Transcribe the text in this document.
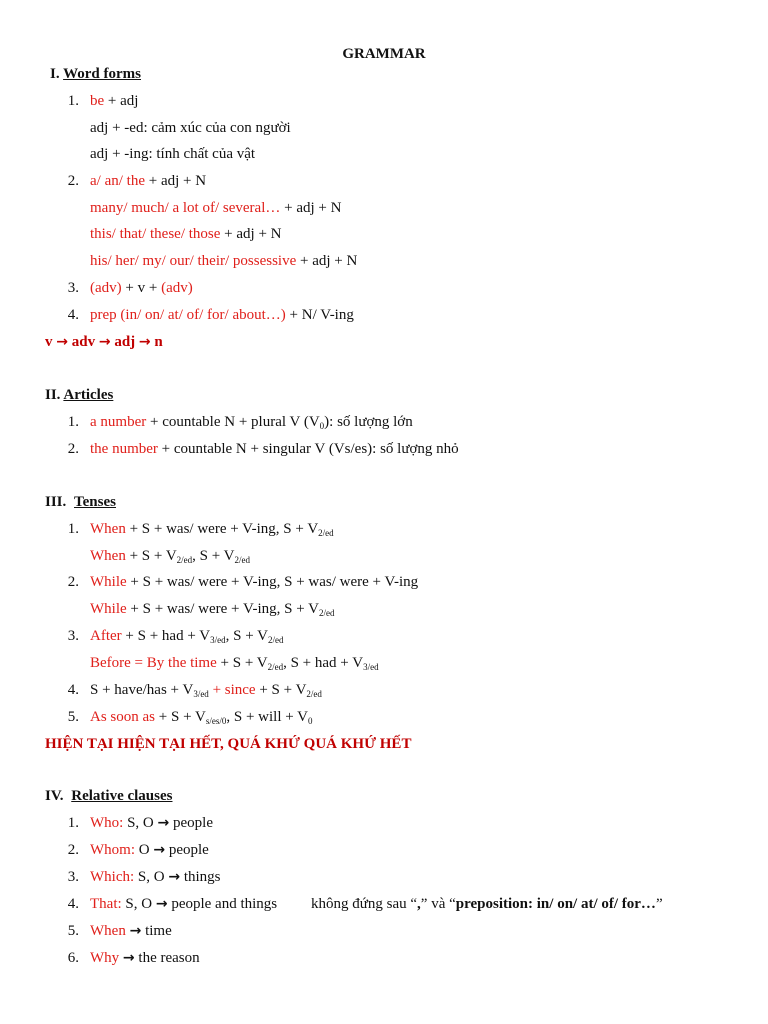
GRAMMAR
I. Word forms
1. be + adj
adj + -ed: cảm xúc của con người
adj + -ing: tính chất của vật
2. a/ an/ the + adj + N
many/ much/ a lot of/ several… + adj + N
this/ that/ these/ those + adj + N
his/ her/ my/ our/ their/ possessive + adj + N
3. (adv) + v + (adv)
4. prep (in/ on/ at/ of/ for/ about…) + N/ V-ing
v → adv → adj → n
II. Articles
1. a number + countable N + plural V $(V_0)$: số lượng lớn
2. the number + countable N + singular V (Vs/es): số lượng nhỏ
III. Tenses
1. When + S + was/ were + V-ing, $S + V_{2/ed}$
When + $S + V_{2/ed}$, $S + V_{2/ed}$
2. While + S + was/ were + V-ing, S + was/ were + V-ing
While + S + was/ were + V-ing, $S + V_{2/ed}$
3. After + S + had + $V_{3/ed}$, $S + V_{2/ed}$
Before = By the time + $S + V_{2/ed}$, S + had + $V_{3/ed}$
4. S + have/has + $V_{3/ed}$ + since + $S + V_{2/ed}$
5. As soon as + $S + V_{s/es/0}$, S + will + $V_0$
HIỆN TẠI HIỆN TẠI HẾT, QUÁ KHỨ QUÁ KHỨ HẾT
IV. Relative clauses
1. Who: S, O → people
2. Whom: O → people
3. Which: S, O → things
4. That: S, O → people and things không đứng sau “,” và “preposition: in/ on/ at/ of/ for…”
5. When → time
6. Why → the reason
